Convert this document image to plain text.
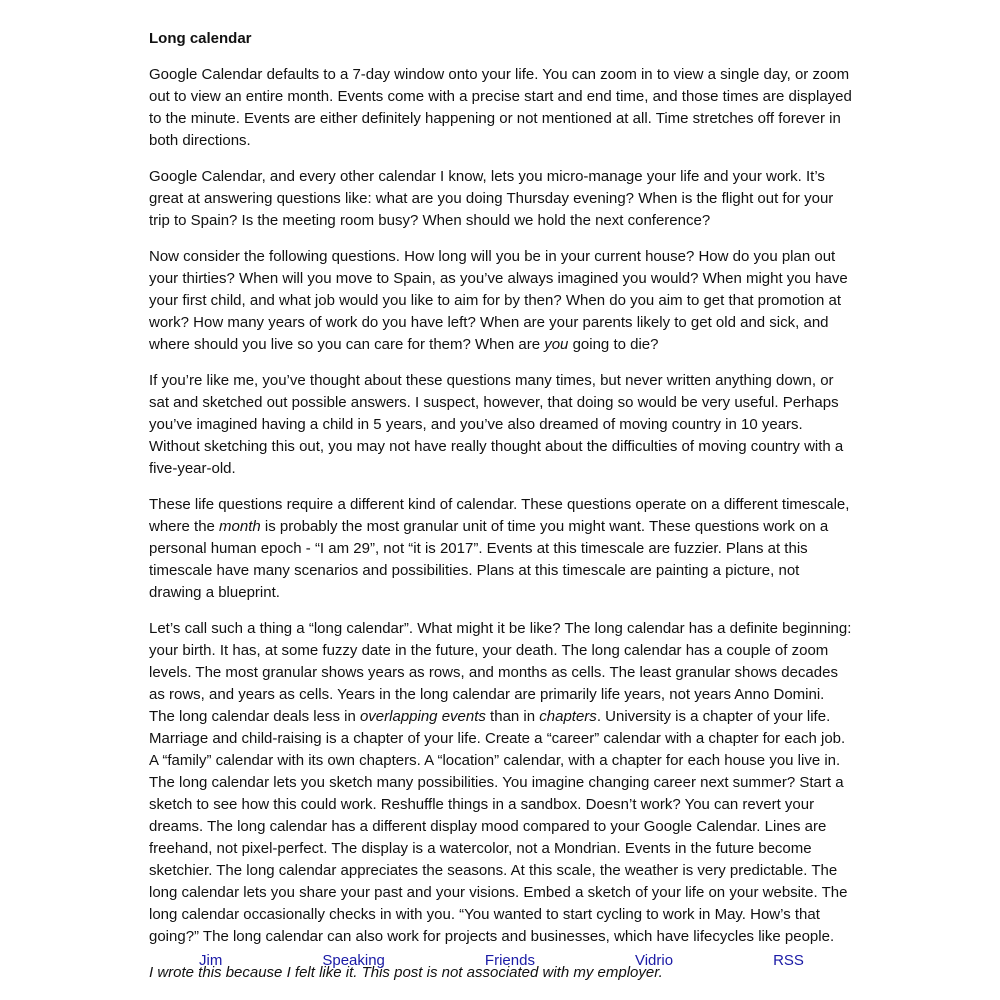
Long calendar

Google Calendar defaults to a 7-day window onto your life. You can zoom in to view a single day, or zoom out to view an entire month. Events come with a precise start and end time, and those times are displayed to the minute. Events are either definitely happening or not mentioned at all. Time stretches off forever in both directions.

Google Calendar, and every other calendar I know, lets you micro-manage your life and your work. It’s great at answering questions like: what are you doing Thursday evening? When is the flight out for your trip to Spain? Is the meeting room busy? When should we hold the next conference?

Now consider the following questions. How long will you be in your current house? How do you plan out your thirties? When will you move to Spain, as you’ve always imagined you would? When might you have your first child, and what job would you like to aim for by then? When do you aim to get that promotion at work? How many years of work do you have left? When are your parents likely to get old and sick, and where should you live so you can care for them? When are you going to die?

If you’re like me, you’ve thought about these questions many times, but never written anything down, or sat and sketched out possible answers. I suspect, however, that doing so would be very useful. Perhaps you’ve imagined having a child in 5 years, and you’ve also dreamed of moving country in 10 years. Without sketching this out, you may not have really thought about the difficulties of moving country with a five-year-old.

These life questions require a different kind of calendar. These questions operate on a different timescale, where the month is probably the most granular unit of time you might want. These questions work on a personal human epoch - “I am 29”, not “it is 2017”. Events at this timescale are fuzzier. Plans at this timescale have many scenarios and possibilities. Plans at this timescale are painting a picture, not drawing a blueprint.

Let’s call such a thing a “long calendar”. What might it be like? The long calendar has a definite beginning: your birth. It has, at some fuzzy date in the future, your death. The long calendar has a couple of zoom levels. The most granular shows years as rows, and months as cells. The least granular shows decades as rows, and years as cells. Years in the long calendar are primarily life years, not years Anno Domini. The long calendar deals less in overlapping events than in chapters. University is a chapter of your life. Marriage and child-raising is a chapter of your life. Create a “career” calendar with a chapter for each job. A “family” calendar with its own chapters. A “location” calendar, with a chapter for each house you live in. The long calendar lets you sketch many possibilities. You imagine changing career next summer? Start a sketch to see how this could work. Reshuffle things in a sandbox. Doesn’t work? You can revert your dreams. The long calendar has a different display mood compared to your Google Calendar. Lines are freehand, not pixel-perfect. The display is a watercolor, not a Mondrian. Events in the future become sketchier. The long calendar appreciates the seasons. At this scale, the weather is very predictable. The long calendar lets you share your past and your visions. Embed a sketch of your life on your website. The long calendar occasionally checks in with you. “You wanted to start cycling to work in May. How’s that going?” The long calendar can also work for projects and businesses, which have lifecycles like people.

I wrote this because I felt like it. This post is not associated with my employer.

Jim	Speaking	Friends	Vidrio	RSS
